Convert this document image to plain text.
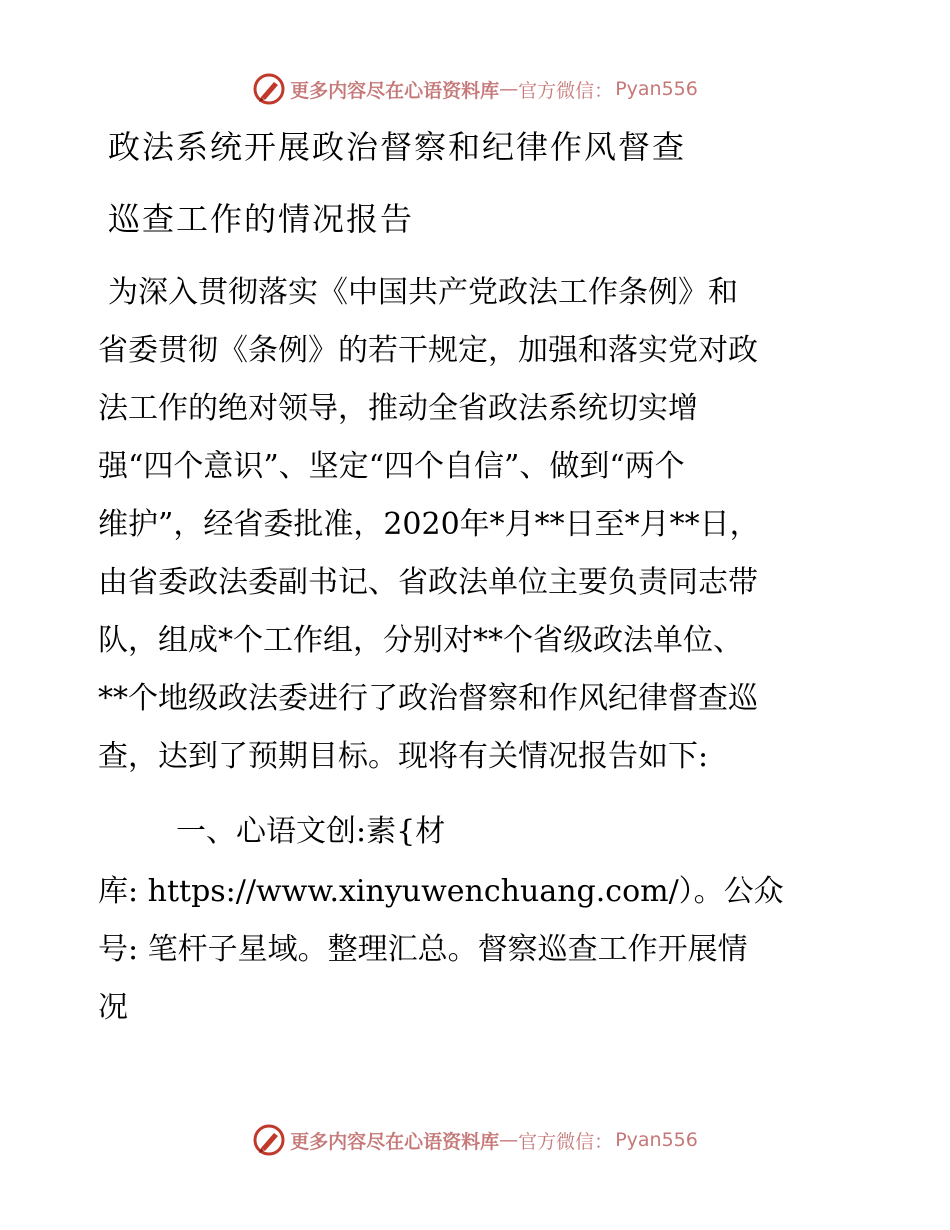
更多内容尽在心语资料库 — 官方微信： Pyan556
政法系统开展政治督察和纪律作风督查
巡查工作的情况报告
为深入贯彻落实《中国共产党政法工作条例》和
省委贯彻《条例》的若干规定，加强和落实党对政
法工作的绝对领导，推动全省政法系统切实增
强“四个意识”、坚定“四个自信”、做到“两个
维护”，经省委批准，2020年*月**日至*月**日，
由省委政法委副书记、省政法单位主要负责同志带
队，组成*个工作组，分别对**个省级政法单位、
**个地级政法委进行了政治督察和作风纪律督查巡
查，达到了预期目标。现将有关情况报告如下:
一、心语文创:素{材
库: https://www.xinyuwenchuang.com/）。公众
号: 笔杆子星域。整理汇总。督察巡查工作开展情
况
更多内容尽在心语资料库 — 官方微信： Pyan556
